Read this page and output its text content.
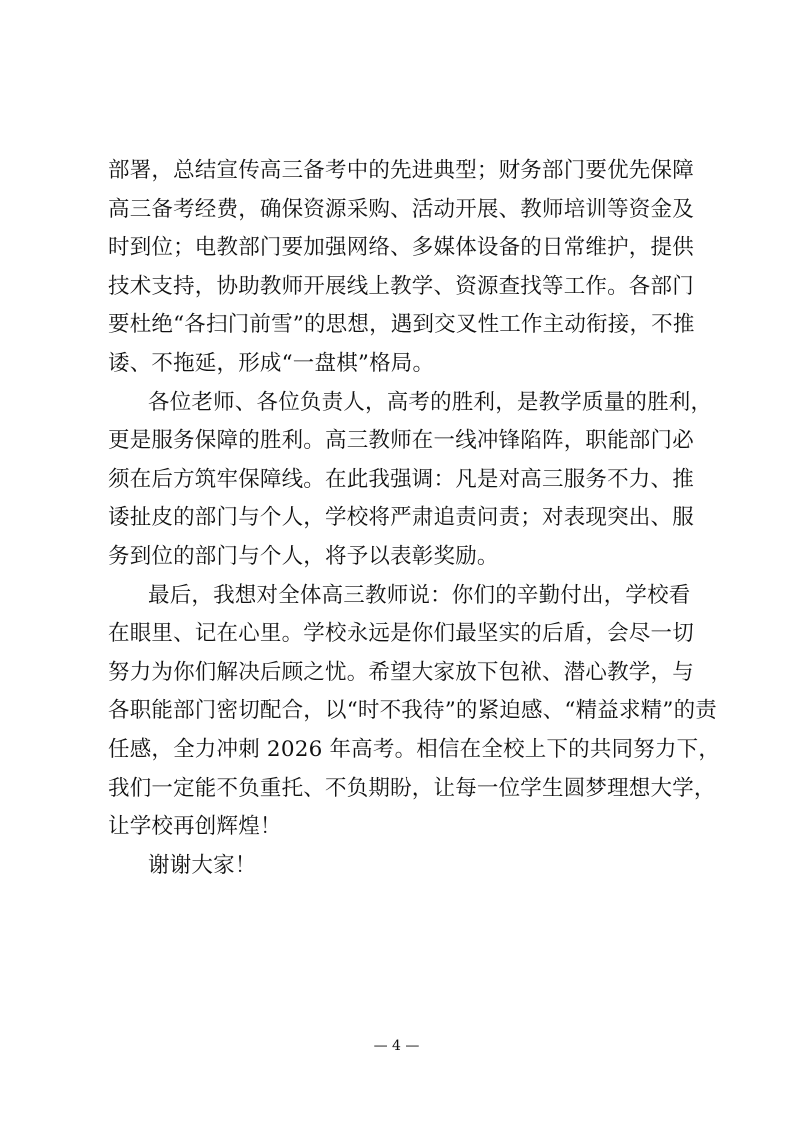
部署，总结宣传高三备考中的先进典型；财务部门要优先保障
高三备考经费，确保资源采购、活动开展、教师培训等资金及
时到位；电教部门要加强网络、多媒体设备的日常维护，提供
技术支持，协助教师开展线上教学、资源查找等工作。各部门
要杜绝“各扫门前雪”的思想，遇到交叉性工作主动衔接，不推
诿、不拖延，形成“一盘棋”格局。
各位老师、各位负责人，高考的胜利，是教学质量的胜利，
更是服务保障的胜利。高三教师在一线冲锋陷阵，职能部门必
须在后方筑牢保障线。在此我强调：凡是对高三服务不力、推
诿扯皮的部门与个人，学校将严肃追责问责；对表现突出、服
务到位的部门与个人，将予以表彰奖励。
最后，我想对全体高三教师说：你们的辛勤付出，学校看
在眼里、记在心里。学校永远是你们最坚实的后盾，会尽一切
努力为你们解决后顾之忧。希望大家放下包袱、潜心教学，与
各职能部门密切配合，以“时不我待”的紧迫感、“精益求精”的责
任感，全力冲刺 2026 年高考。相信在全校上下的共同努力下，
我们一定能不负重托、不负期盼，让每一位学生圆梦理想大学，
让学校再创辉煌！
谢谢大家！
— 4 —
